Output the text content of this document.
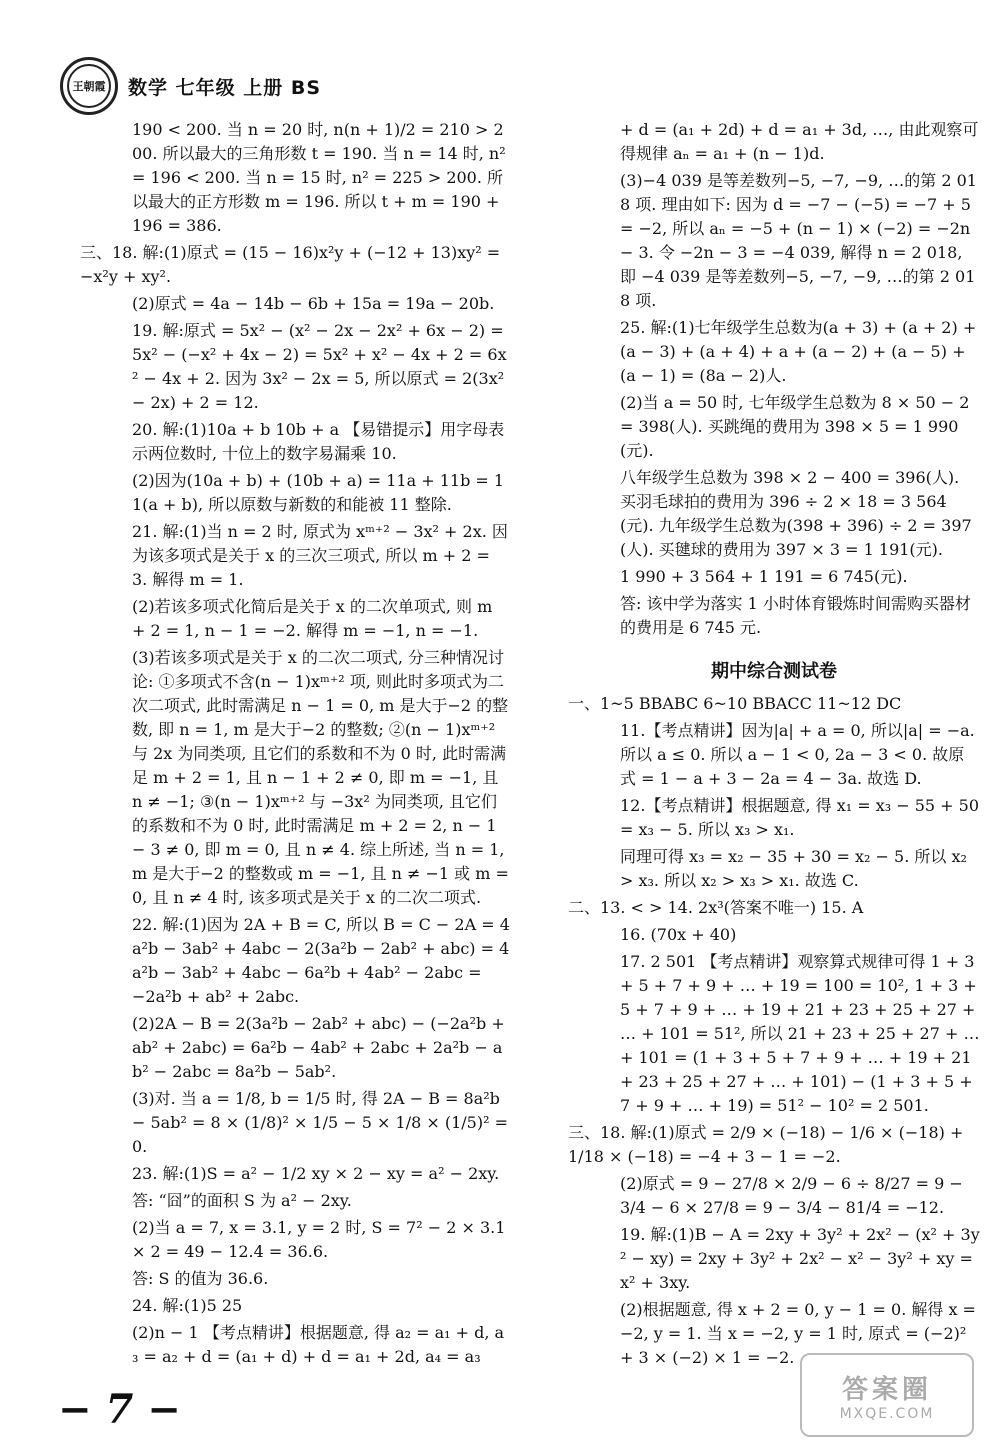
王朝霞 数学 七年级 上册 BS
190 < 200. 当 n = 20 时, n(n + 1)/2 = 210 > 200. 所以最大的三角形数 t = 190. 当 n = 14 时, n² = 196 < 200. 当 n = 15 时, n² = 225 > 200. 所以最大的正方形数 m = 196. 所以 t + m = 190 + 196 = 386.
三、18. 解:(1)原式 = (15 − 16)x²y + (−12 + 13)xy² = −x²y + xy².
(2)原式 = 4a − 14b − 6b + 15a = 19a − 20b.
19. 解:原式 = 5x² − (x² − 2x − 2x² + 6x − 2) = 5x² − (−x² + 4x − 2) = 5x² + x² − 4x + 2 = 6x² − 4x + 2. 因为 3x² − 2x = 5, 所以原式 = 2(3x² − 2x) + 2 = 12.
20. 解:(1)10a + b 10b + a 【易错提示】用字母表示两位数时, 十位上的数字易漏乘 10.
(2)因为(10a + b) + (10b + a) = 11a + 11b = 11(a + b), 所以原数与新数的和能被 11 整除.
21. 解:(1)当 n = 2 时, 原式为 xᵐ⁺² − 3x² + 2x. 因为该多项式是关于 x 的三次三项式, 所以 m + 2 = 3. 解得 m = 1.
(2)若该多项式化简后是关于 x 的二次单项式, 则 m + 2 = 1, n − 1 = −2. 解得 m = −1, n = −1.
(3)若该多项式是关于 x 的二次二项式, 分三种情况讨论: ①多项式不含(n − 1)xᵐ⁺² 项, 则此时多项式为二次二项式, 此时需满足 n − 1 = 0, m 是大于−2 的整数, 即 n = 1, m 是大于−2 的整数; ②(n − 1)xᵐ⁺² 与 2x 为同类项, 且它们的系数和不为 0 时, 此时需满足 m + 2 = 1, 且 n − 1 + 2 ≠ 0, 即 m = −1, 且 n ≠ −1; ③(n − 1)xᵐ⁺² 与 −3x² 为同类项, 且它们的系数和不为 0 时, 此时需满足 m + 2 = 2, n − 1 − 3 ≠ 0, 即 m = 0, 且 n ≠ 4. 综上所述, 当 n = 1, m 是大于−2 的整数或 m = −1, 且 n ≠ −1 或 m = 0, 且 n ≠ 4 时, 该多项式是关于 x 的二次二项式.
22. 解:(1)因为 2A + B = C, 所以 B = C − 2A = 4a²b − 3ab² + 4abc − 2(3a²b − 2ab² + abc) = 4a²b − 3ab² + 4abc − 6a²b + 4ab² − 2abc = −2a²b + ab² + 2abc.
(2)2A − B = 2(3a²b − 2ab² + abc) − (−2a²b + ab² + 2abc) = 6a²b − 4ab² + 2abc + 2a²b − ab² − 2abc = 8a²b − 5ab².
(3)对. 当 a = 1/8, b = 1/5 时, 得 2A − B = 8a²b − 5ab² = 8 × (1/8)² × 1/5 − 5 × 1/8 × (1/5)² = 0.
23. 解:(1)S = a² − 1/2 xy × 2 − xy = a² − 2xy.
答: “囧”的面积 S 为 a² − 2xy.
(2)当 a = 7, x = 3.1, y = 2 时, S = 7² − 2 × 3.1 × 2 = 49 − 12.4 = 36.6.
答: S 的值为 36.6.
24. 解:(1)5 25
(2)n − 1 【考点精讲】根据题意, 得 a₂ = a₁ + d, a₃ = a₂ + d = (a₁ + d) + d = a₁ + 2d, a₄ = a₃
+ d = (a₁ + 2d) + d = a₁ + 3d, …, 由此观察可得规律 aₙ = a₁ + (n − 1)d.
(3)−4 039 是等差数列−5, −7, −9, …的第 2 018 项. 理由如下: 因为 d = −7 − (−5) = −7 + 5 = −2, 所以 aₙ = −5 + (n − 1) × (−2) = −2n − 3. 令 −2n − 3 = −4 039, 解得 n = 2 018, 即 −4 039 是等差数列−5, −7, −9, …的第 2 018 项.
25. 解:(1)七年级学生总数为(a + 3) + (a + 2) + (a − 3) + (a + 4) + a + (a − 2) + (a − 5) + (a − 1) = (8a − 2)人.
(2)当 a = 50 时, 七年级学生总数为 8 × 50 − 2 = 398(人). 买跳绳的费用为 398 × 5 = 1 990(元).
八年级学生总数为 398 × 2 − 400 = 396(人). 买羽毛球拍的费用为 396 ÷ 2 × 18 = 3 564(元). 九年级学生总数为(398 + 396) ÷ 2 = 397(人). 买毽球的费用为 397 × 3 = 1 191(元).
1 990 + 3 564 + 1 191 = 6 745(元).
答: 该中学为落实 1 小时体育锻炼时间需购买器材的费用是 6 745 元.
期中综合测试卷
一、1~5 BBABC 6~10 BBACC 11~12 DC
11.【考点精讲】因为|a| + a = 0, 所以|a| = −a. 所以 a ≤ 0. 所以 a − 1 < 0, 2a − 3 < 0. 故原式 = 1 − a + 3 − 2a = 4 − 3a. 故选 D.
12.【考点精讲】根据题意, 得 x₁ = x₃ − 55 + 50 = x₃ − 5. 所以 x₃ > x₁.
同理可得 x₃ = x₂ − 35 + 30 = x₂ − 5. 所以 x₂ > x₃. 所以 x₂ > x₃ > x₁. 故选 C.
二、13. < > 14. 2x³(答案不唯一) 15. A
16. (70x + 40)
17. 2 501 【考点精讲】观察算式规律可得 1 + 3 + 5 + 7 + 9 + … + 19 = 100 = 10², 1 + 3 + 5 + 7 + 9 + … + 19 + 21 + 23 + 25 + 27 + … + 101 = 51², 所以 21 + 23 + 25 + 27 + … + 101 = (1 + 3 + 5 + 7 + 9 + … + 19 + 21 + 23 + 25 + 27 + … + 101) − (1 + 3 + 5 + 7 + 9 + … + 19) = 51² − 10² = 2 501.
三、18. 解:(1)原式 = 2/9 × (−18) − 1/6 × (−18) + 1/18 × (−18) = −4 + 3 − 1 = −2.
(2)原式 = 9 − 27/8 × 2/9 − 6 ÷ 8/27 = 9 − 3/4 − 6 × 27/8 = 9 − 3/4 − 81/4 = −12.
19. 解:(1)B − A = 2xy + 3y² + 2x² − (x² + 3y² − xy) = 2xy + 3y² + 2x² − x² − 3y² + xy = x² + 3xy.
(2)根据题意, 得 x + 2 = 0, y − 1 = 0. 解得 x = −2, y = 1. 当 x = −2, y = 1 时, 原式 = (−2)² + 3 × (−2) × 1 = −2.
− 7 −	答案圈
MXQE.COM
